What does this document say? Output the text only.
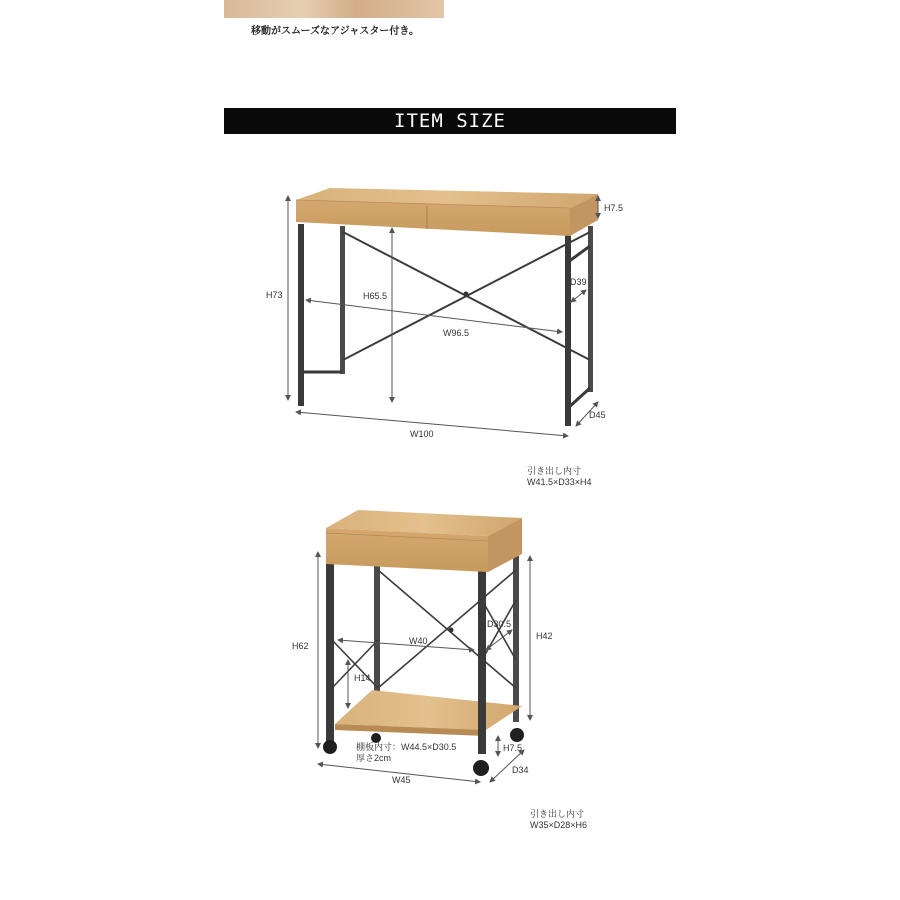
移動がスムーズなアジャスター付き。
ITEM SIZE
H7.5
H73	H65.5
D39
W96.5
D45
W100
引き出し内寸
W41.5×D33×H4
H62
H42
D30.5
W40
H14
棚板内寸：W44.5×D30.5
厚さ2cm
H7.5
D34
W45
引き出し内寸
W35×D28×H6
